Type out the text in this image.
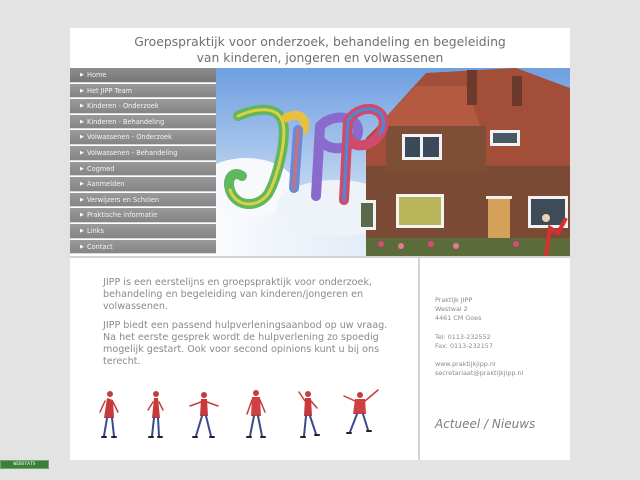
Groepspraktijk voor onderzoek, behandeling en begeleiding
van kinderen, jongeren en volwassenen
▶ Home
▶ Het JIPP Team
▶ Kinderen - Onderzoek
▶ Kinderen - Behandeling
▶ Volwassenen - Onderzoek
▶ Volwassenen - Behandeling
▶ Cogmed
▶ Aanmelden
▶ Verwijzers en Scholen
▶ Praktische informatie
▶ Links
▶ Contact

JIPP is een eerstelijns en groepspraktijk voor onderzoek, behandeling en begeleiding van kinderen/jongeren en volwassenen.

JIPP biedt een passend hulpverleningsaanbod op uw vraag. Na het eerste gesprek wordt de hulpverlening zo spoedig mogelijk gestart. Ook voor second opinions kunt u bij ons terecht.

Praktijk JIPP
Westwal 2
4461 CM Goes
Tel: 0113-232552
Fax: 0113-232157
www.praktijkjipp.nl
secretariaat@praktijkjipp.nl
Actueel / Nieuws
WEBSTATS
